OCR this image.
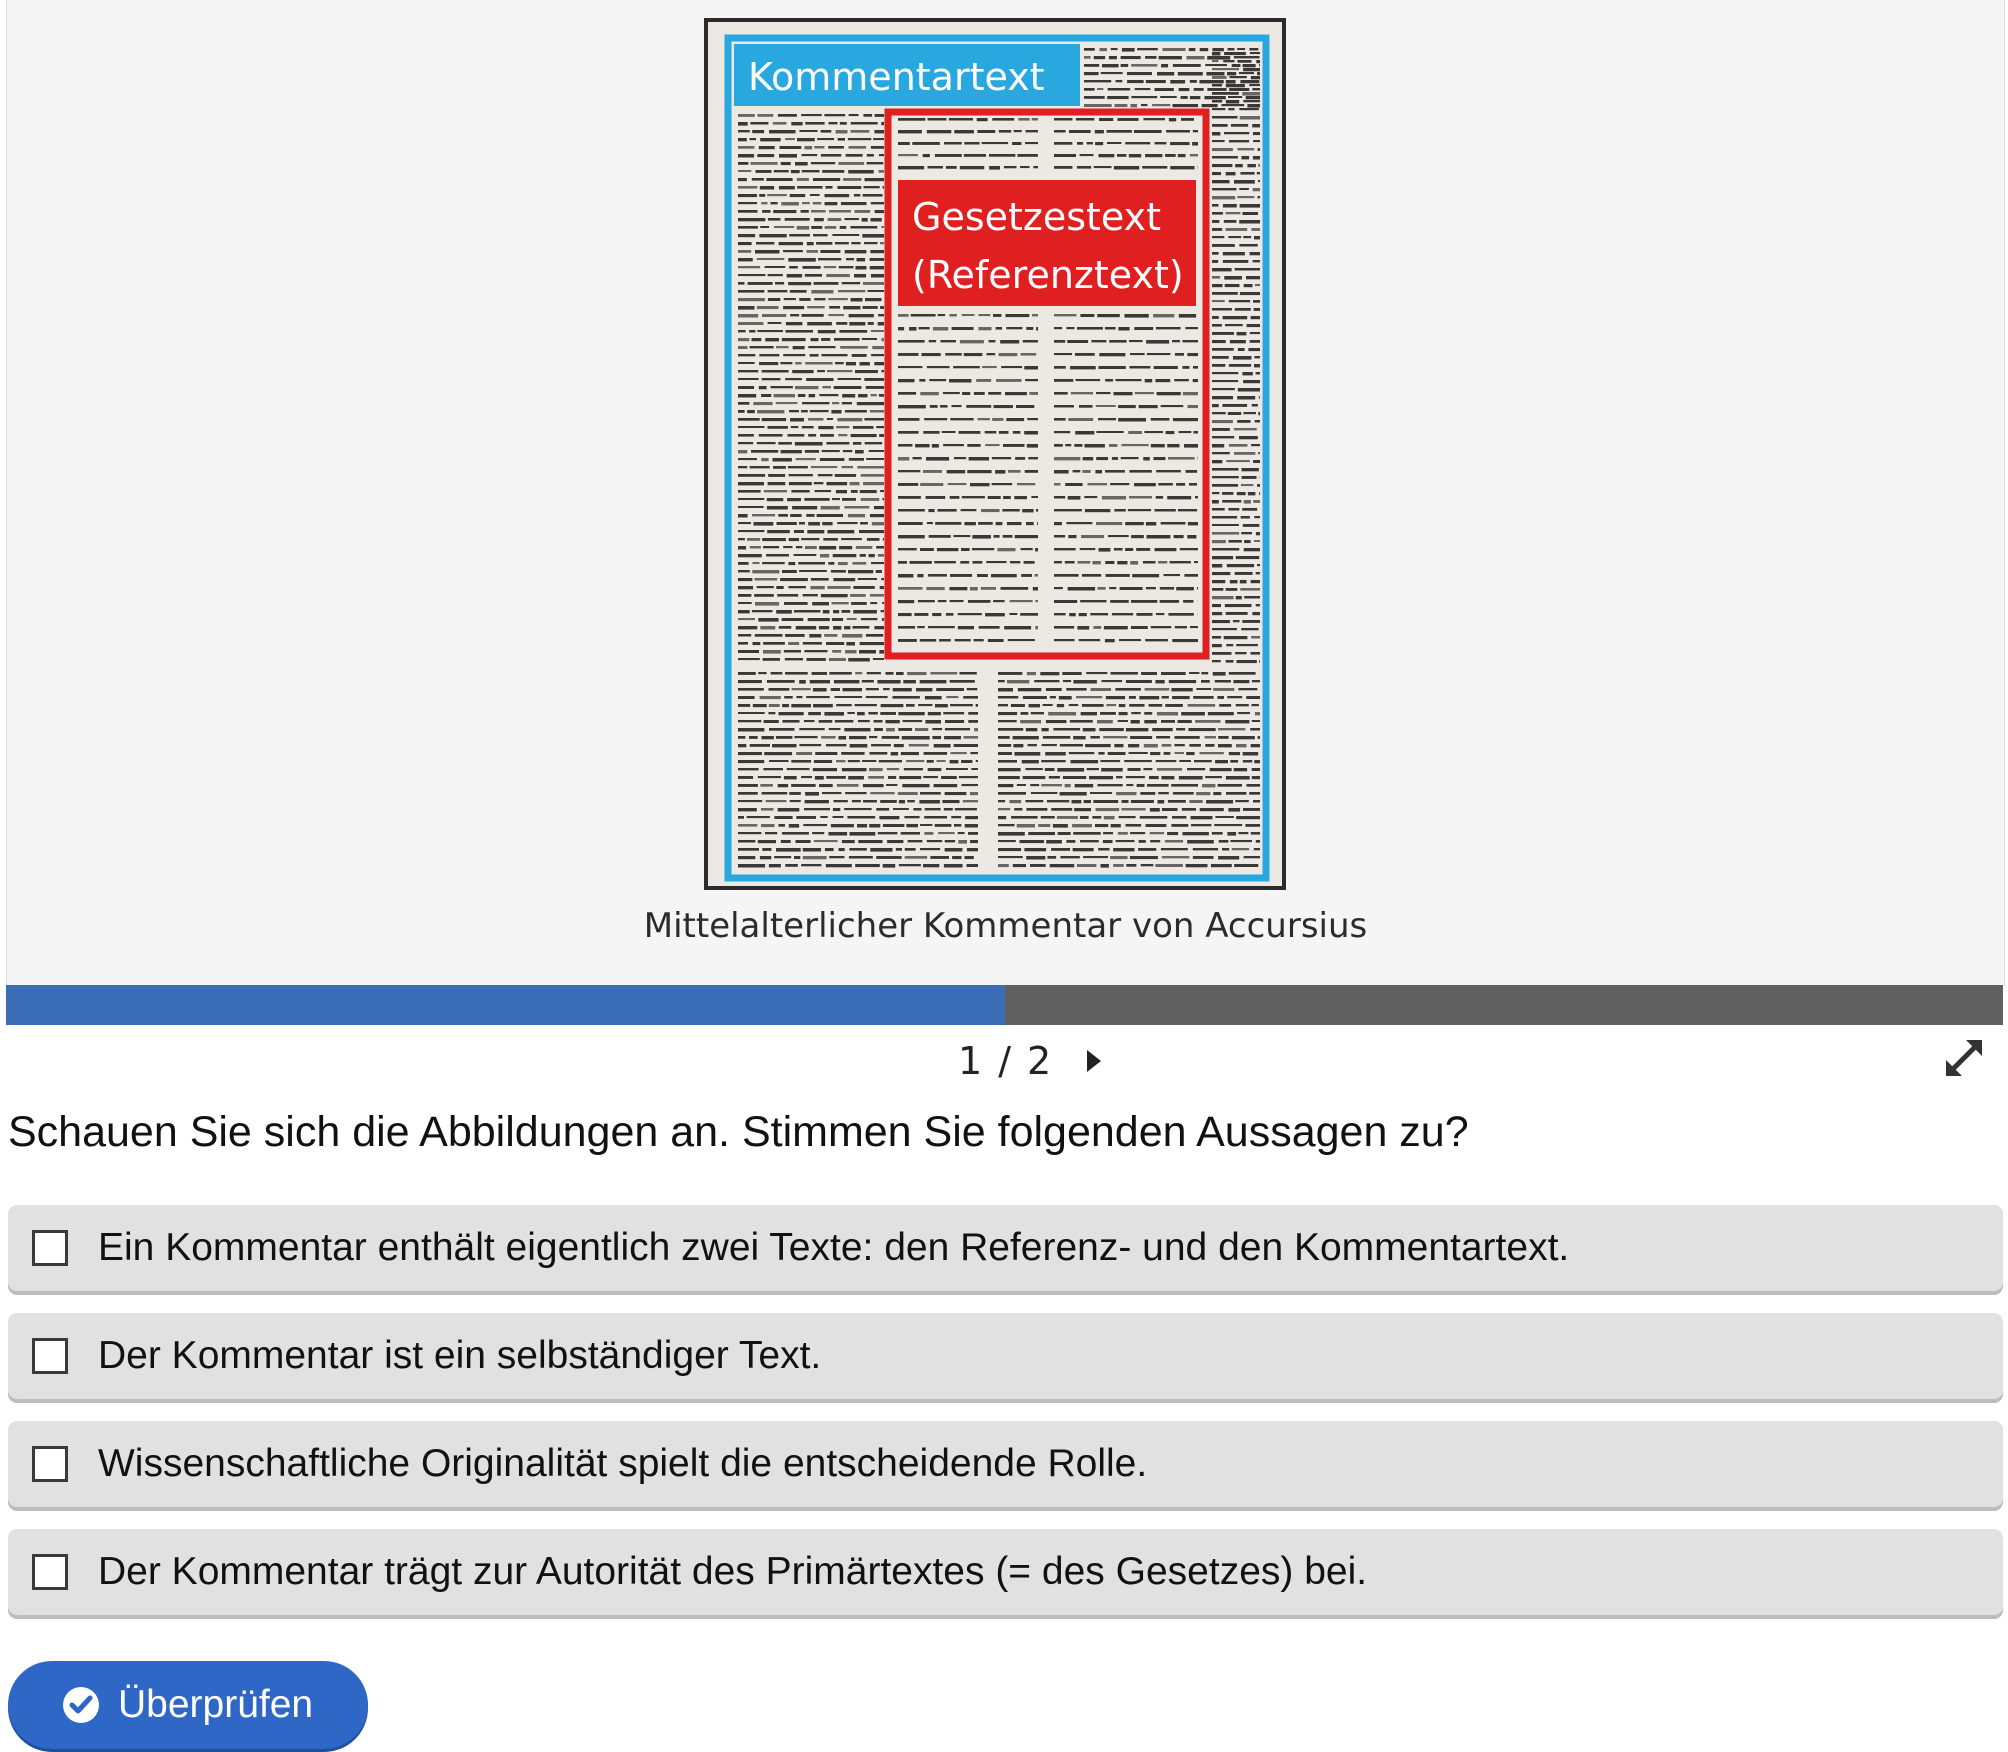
Kommentartext
Gesetzestext
(Referenztext)
Mittelalterlicher Kommentar von Accursius
1 / 2
Schauen Sie sich die Abbildungen an. Stimmen Sie folgenden Aussagen zu?
Ein Kommentar enthält eigentlich zwei Texte: den Referenz- und den Kommentartext.
Der Kommentar ist ein selbständiger Text.
Wissenschaftliche Originalität spielt die entscheidende Rolle.
Der Kommentar trägt zur Autorität des Primärtextes (= des Gesetzes) bei.
Überprüfen
